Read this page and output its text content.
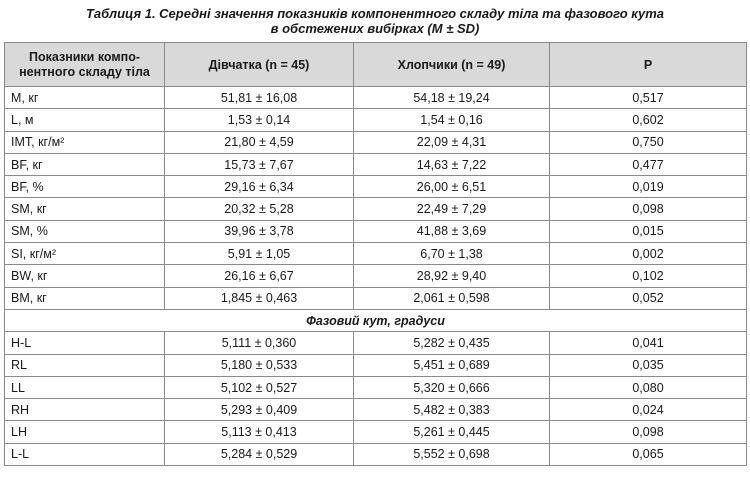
Таблиця 1. Середні значення показників компонентного складу тіла та фазового кута
в обстежених вибірках (M ± SD)
Показники компо-
нентного складу тіла	Дівчатка (n = 45)	Хлопчики (n = 49)	P
M, кг	51,81 ± 16,08	54,18 ± 19,24	0,517
L, м	1,53 ± 0,14	1,54 ± 0,16	0,602
ІМТ, кг/м²	21,80 ± 4,59	22,09 ± 4,31	0,750
BF, кг	15,73 ± 7,67	14,63 ± 7,22	0,477
BF, %	29,16 ± 6,34	26,00 ± 6,51	0,019
SM, кг	20,32 ± 5,28	22,49 ± 7,29	0,098
SM, %	39,96 ± 3,78	41,88 ± 3,69	0,015
SI, кг/м²	5,91 ± 1,05	6,70 ± 1,38	0,002
BW, кг	26,16 ± 6,67	28,92 ± 9,40	0,102
BM, кг	1,845 ± 0,463	2,061 ± 0,598	0,052
Фазовий кут, градуси			
H-L	5,111 ± 0,360	5,282 ± 0,435	0,041
RL	5,180 ± 0,533	5,451 ± 0,689	0,035
LL	5,102 ± 0,527	5,320 ± 0,666	0,080
RH	5,293 ± 0,409	5,482 ± 0,383	0,024
LH	5,113 ± 0,413	5,261 ± 0,445	0,098
L-L	5,284 ± 0,529	5,552 ± 0,698	0,065
